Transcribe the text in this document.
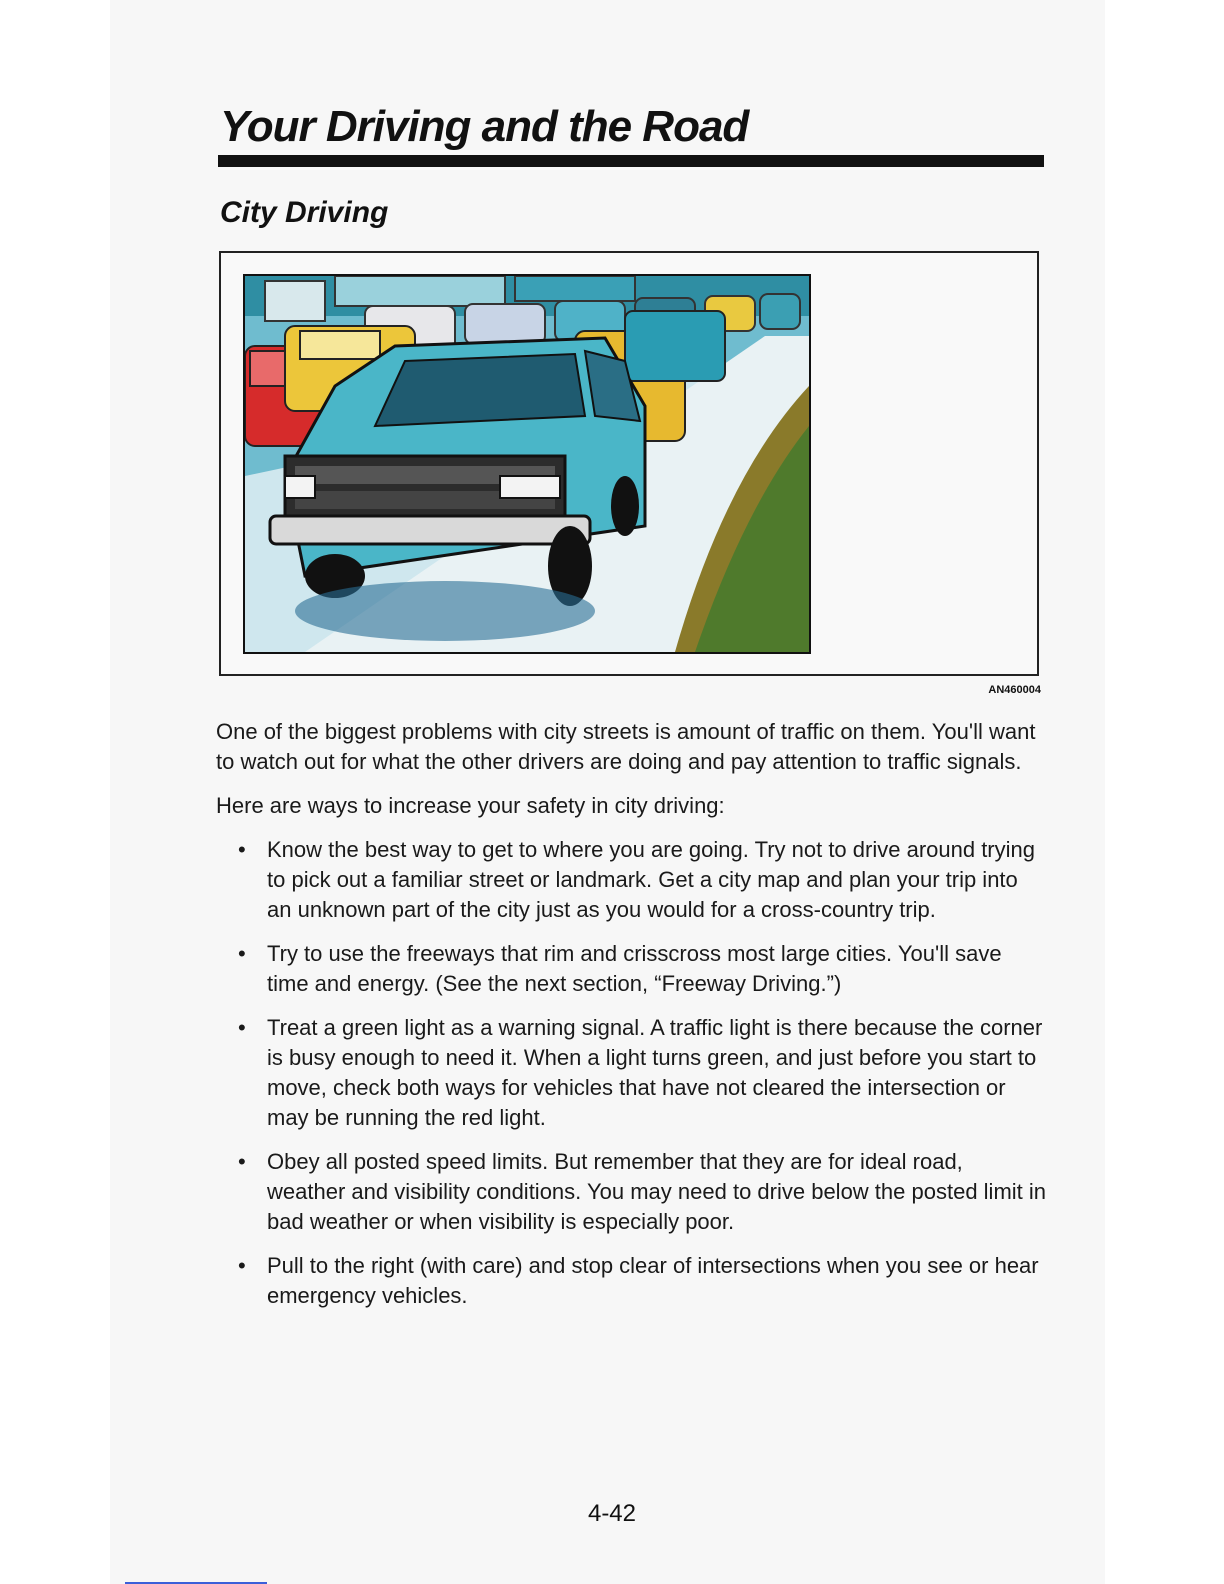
Your Driving and the Road
City Driving
AN460004

One of the biggest problems with city streets is amount of traffic on them. You'll want to watch out for what the other drivers are doing and pay attention to traffic signals.

Here are ways to increase your safety in city driving:

• Know the best way to get to where you are going. Try not to drive around trying to pick out a familiar street or landmark. Get a city map and plan your trip into an unknown part of the city just as you would for a cross-country trip.
• Try to use the freeways that rim and crisscross most large cities. You'll save time and energy. (See the next section, “Freeway Driving.”)
• Treat a green light as a warning signal. A traffic light is there because the corner is busy enough to need it. When a light turns green, and just before you start to move, check both ways for vehicles that have not cleared the intersection or may be running the red light.
• Obey all posted speed limits. But remember that they are for ideal road, weather and visibility conditions. You may need to drive below the posted limit in bad weather or when visibility is especially poor.
• Pull to the right (with care) and stop clear of intersections when you see or hear emergency vehicles.
4-42
